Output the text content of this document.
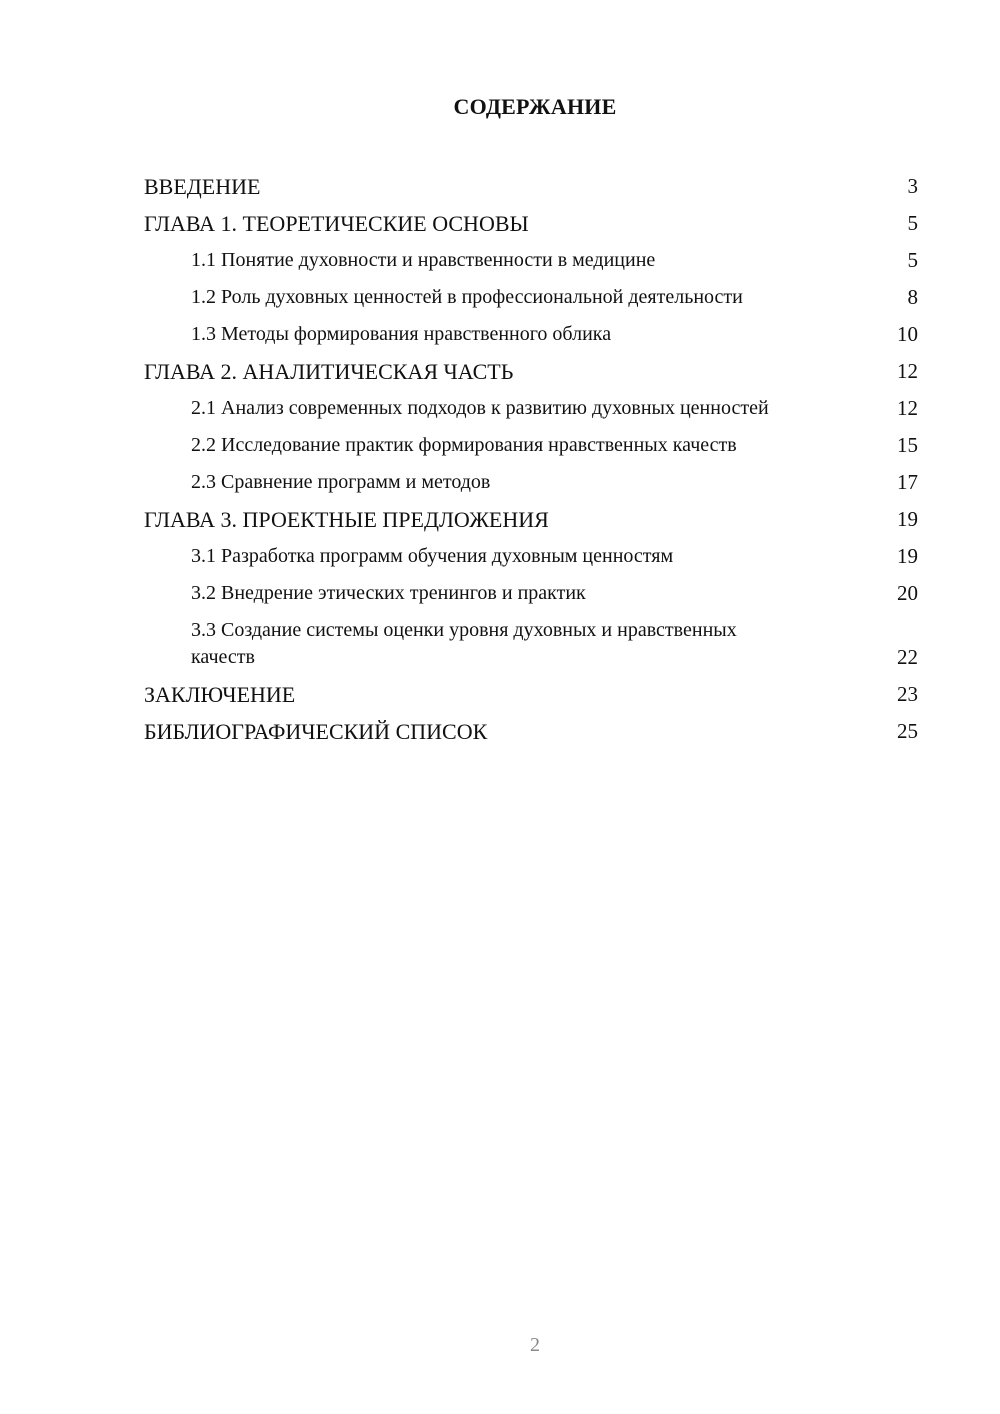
СОДЕРЖАНИЕ
ВВЕДЕНИЕ	3
ГЛАВА 1. ТЕОРЕТИЧЕСКИЕ ОСНОВЫ	5
1.1 Понятие духовности и нравственности в медицине	5
1.2 Роль духовных ценностей в профессиональной деятельности	8
1.3 Методы формирования нравственного облика	10
ГЛАВА 2. АНАЛИТИЧЕСКАЯ ЧАСТЬ	12
2.1 Анализ современных подходов к развитию духовных ценностей	12
2.2 Исследование практик формирования нравственных качеств	15
2.3 Сравнение программ и методов	17
ГЛАВА 3. ПРОЕКТНЫЕ ПРЕДЛОЖЕНИЯ	19
3.1 Разработка программ обучения духовным ценностям	19
3.2 Внедрение этических тренингов и практик	20
3.3 Создание системы оценки уровня духовных и нравственных качеств	22
ЗАКЛЮЧЕНИЕ	23
БИБЛИОГРАФИЧЕСКИЙ СПИСОК	25
2
